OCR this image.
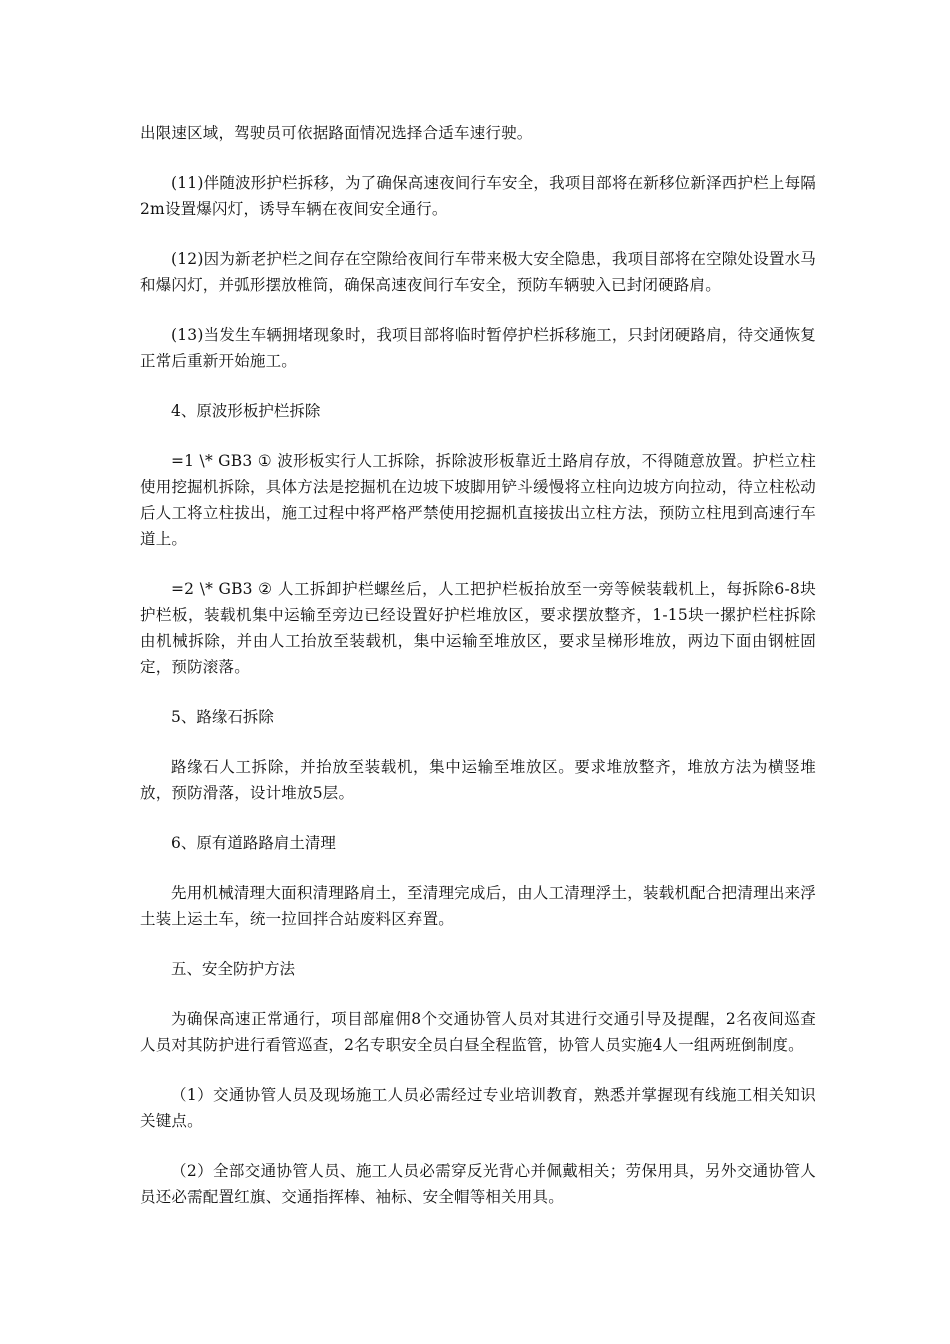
出限速区域，驾驶员可依据路面情况选择合适车速行驶。

(11)伴随波形护栏拆移，为了确保高速夜间行车安全，我项目部将在新移位新泽西护栏上每隔2m设置爆闪灯，诱导车辆在夜间安全通行。

(12)因为新老护栏之间存在空隙给夜间行车带来极大安全隐患，我项目部将在空隙处设置水马和爆闪灯，并弧形摆放椎筒，确保高速夜间行车安全，预防车辆驶入已封闭硬路肩。

(13)当发生车辆拥堵现象时，我项目部将临时暂停护栏拆移施工，只封闭硬路肩，待交通恢复正常后重新开始施工。

4、原波形板护栏拆除

=1 \* GB3 ① 波形板实行人工拆除，拆除波形板靠近土路肩存放，不得随意放置。护栏立柱使用挖掘机拆除，具体方法是挖掘机在边坡下坡脚用铲斗缓慢将立柱向边坡方向拉动，待立柱松动后人工将立柱拔出，施工过程中将严格严禁使用挖掘机直接拔出立柱方法，预防立柱甩到高速行车道上。

=2 \* GB3 ② 人工拆卸护栏螺丝后，人工把护栏板抬放至一旁等候装载机上，每拆除6-8块护栏板，装载机集中运输至旁边已经设置好护栏堆放区，要求摆放整齐，1-15块一摞护栏柱拆除由机械拆除，并由人工抬放至装载机，集中运输至堆放区，要求呈梯形堆放，两边下面由钢桩固定，预防滚落。

5、路缘石拆除

路缘石人工拆除，并抬放至装载机，集中运输至堆放区。要求堆放整齐，堆放方法为横竖堆放，预防滑落，设计堆放5层。

6、原有道路路肩土清理

先用机械清理大面积清理路肩土，至清理完成后，由人工清理浮土，装载机配合把清理出来浮土装上运土车，统一拉回拌合站废料区弃置。

五、安全防护方法

为确保高速正常通行，项目部雇佣8个交通协管人员对其进行交通引导及提醒，2名夜间巡查人员对其防护进行看管巡查，2名专职安全员白昼全程监管，协管人员实施4人一组两班倒制度。

（1）交通协管人员及现场施工人员必需经过专业培训教育，熟悉并掌握现有线施工相关知识关键点。

（2）全部交通协管人员、施工人员必需穿反光背心并佩戴相关；劳保用具，另外交通协管人员还必需配置红旗、交通指挥棒、袖标、安全帽等相关用具。
